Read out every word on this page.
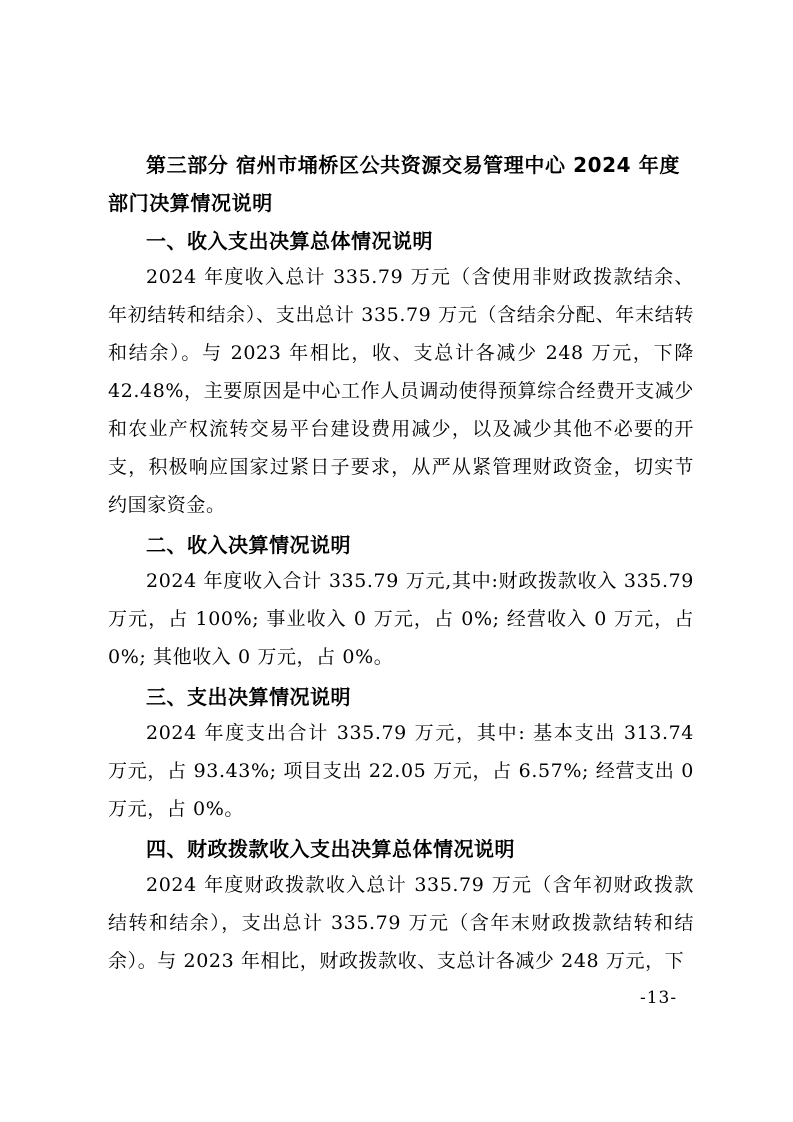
第三部分 宿州市埇桥区公共资源交易管理中心 2024 年度部门决算情况说明
一、收入支出决算总体情况说明
2024 年度收入总计 335.79 万元（含使用非财政拨款结余、年初结转和结余）、支出总计 335.79 万元（含结余分配、年末结转和结余）。与 2023 年相比，收、支总计各减少 248 万元，下降 42.48%，主要原因是中心工作人员调动使得预算综合经费开支减少和农业产权流转交易平台建设费用减少，以及减少其他不必要的开支，积极响应国家过紧日子要求，从严从紧管理财政资金，切实节约国家资金。
二、收入决算情况说明
2024 年度收入合计 335.79 万元,其中:财政拨款收入 335.79 万元，占 100%; 事业收入 0 万元，占 0%; 经营收入 0 万元，占 0%; 其他收入 0 万元，占 0%。
三、支出决算情况说明
2024 年度支出合计 335.79 万元，其中: 基本支出 313.74 万元，占 93.43%; 项目支出 22.05 万元，占 6.57%; 经营支出 0 万元，占 0%。
四、财政拨款收入支出决算总体情况说明
2024 年度财政拨款收入总计 335.79 万元（含年初财政拨款结转和结余），支出总计 335.79 万元（含年末财政拨款结转和结余）。与 2023 年相比，财政拨款收、支总计各减少 248 万元，下
-13-
